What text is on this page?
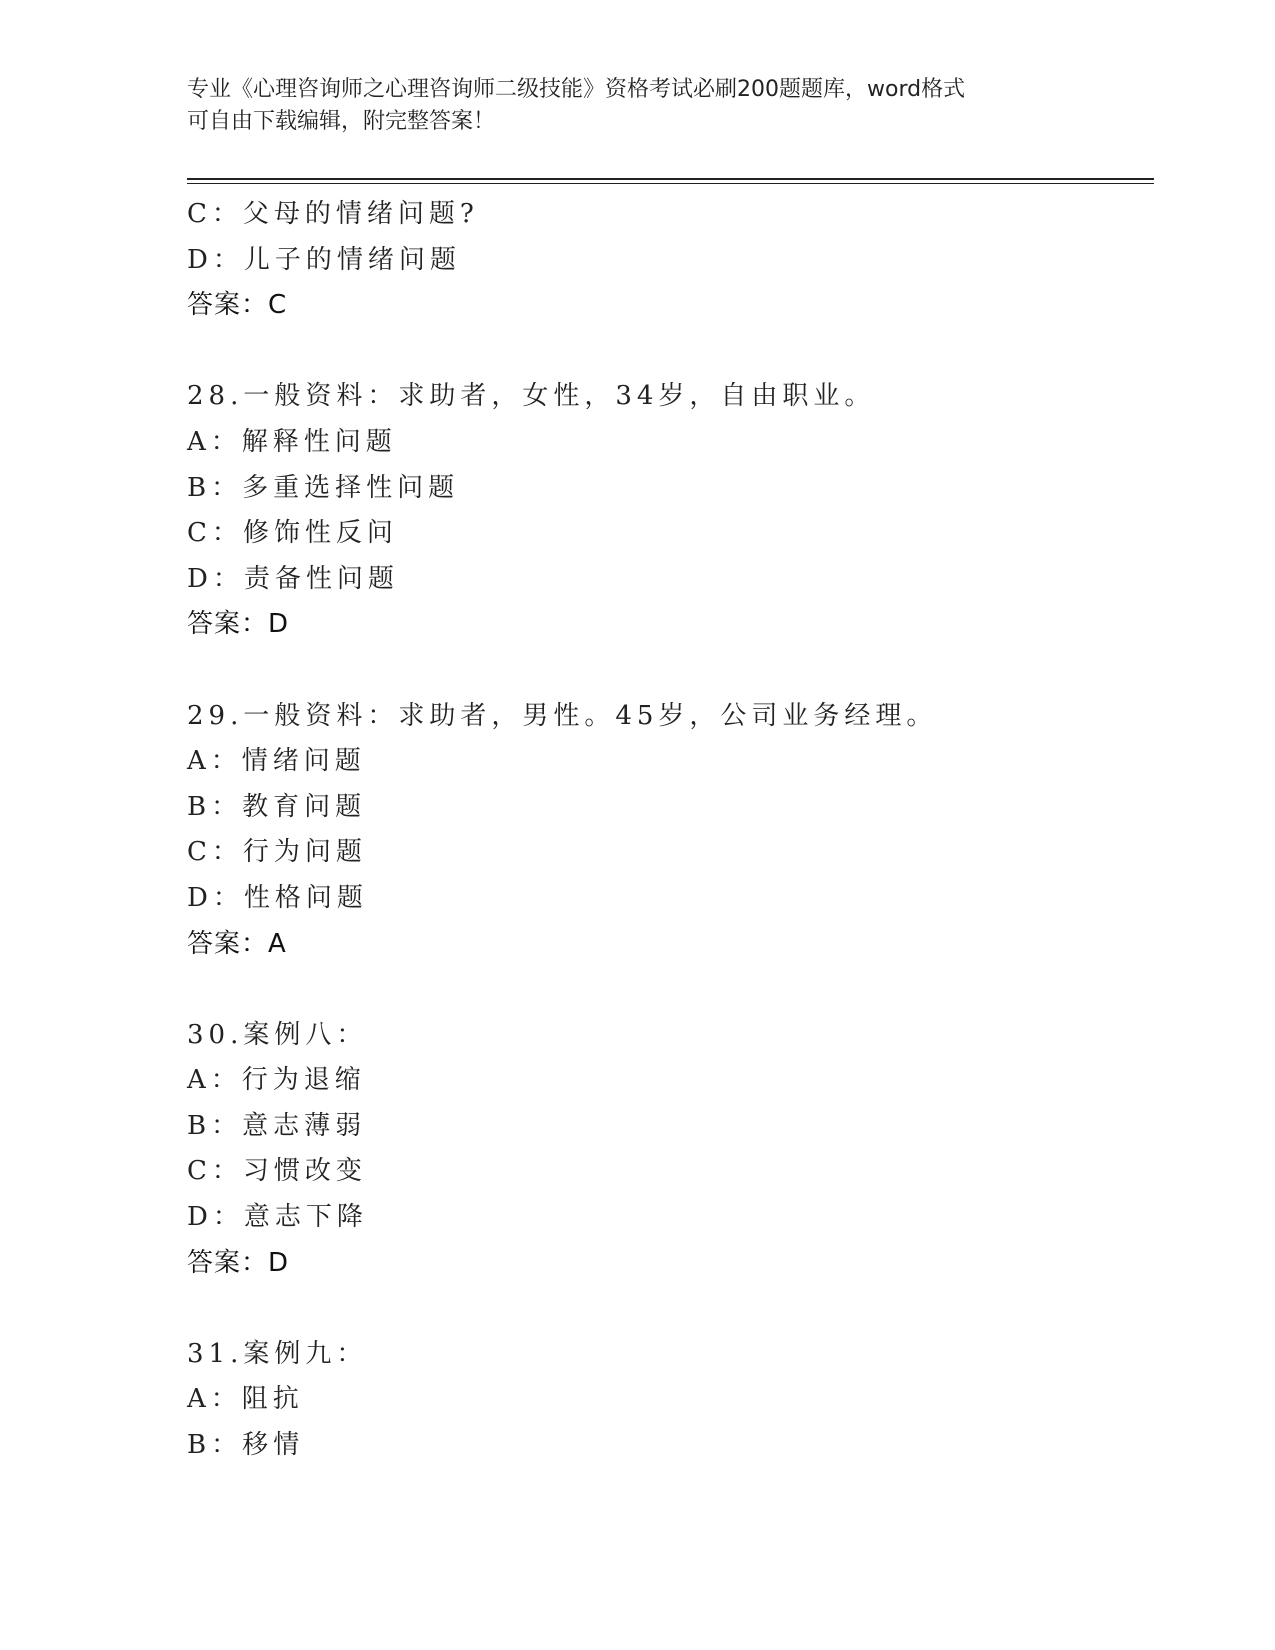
专业《心理咨询师之心理咨询师二级技能》资格考试必刷200题题库，word格式
可自由下载编辑，附完整答案！
C：父母的情绪问题?
D：儿子的情绪问题
答案：C
28.一般资料：求助者，女性，34岁，自由职业。
A：解释性问题
B：多重选择性问题
C：修饰性反问
D：责备性问题
答案：D
29.一般资料：求助者，男性。45岁，公司业务经理。
A：情绪问题
B：教育问题
C：行为问题
D：性格问题
答案：A
30.案例八：
A：行为退缩
B：意志薄弱
C：习惯改变
D：意志下降
答案：D
31.案例九：
A：阻抗
B：移情
